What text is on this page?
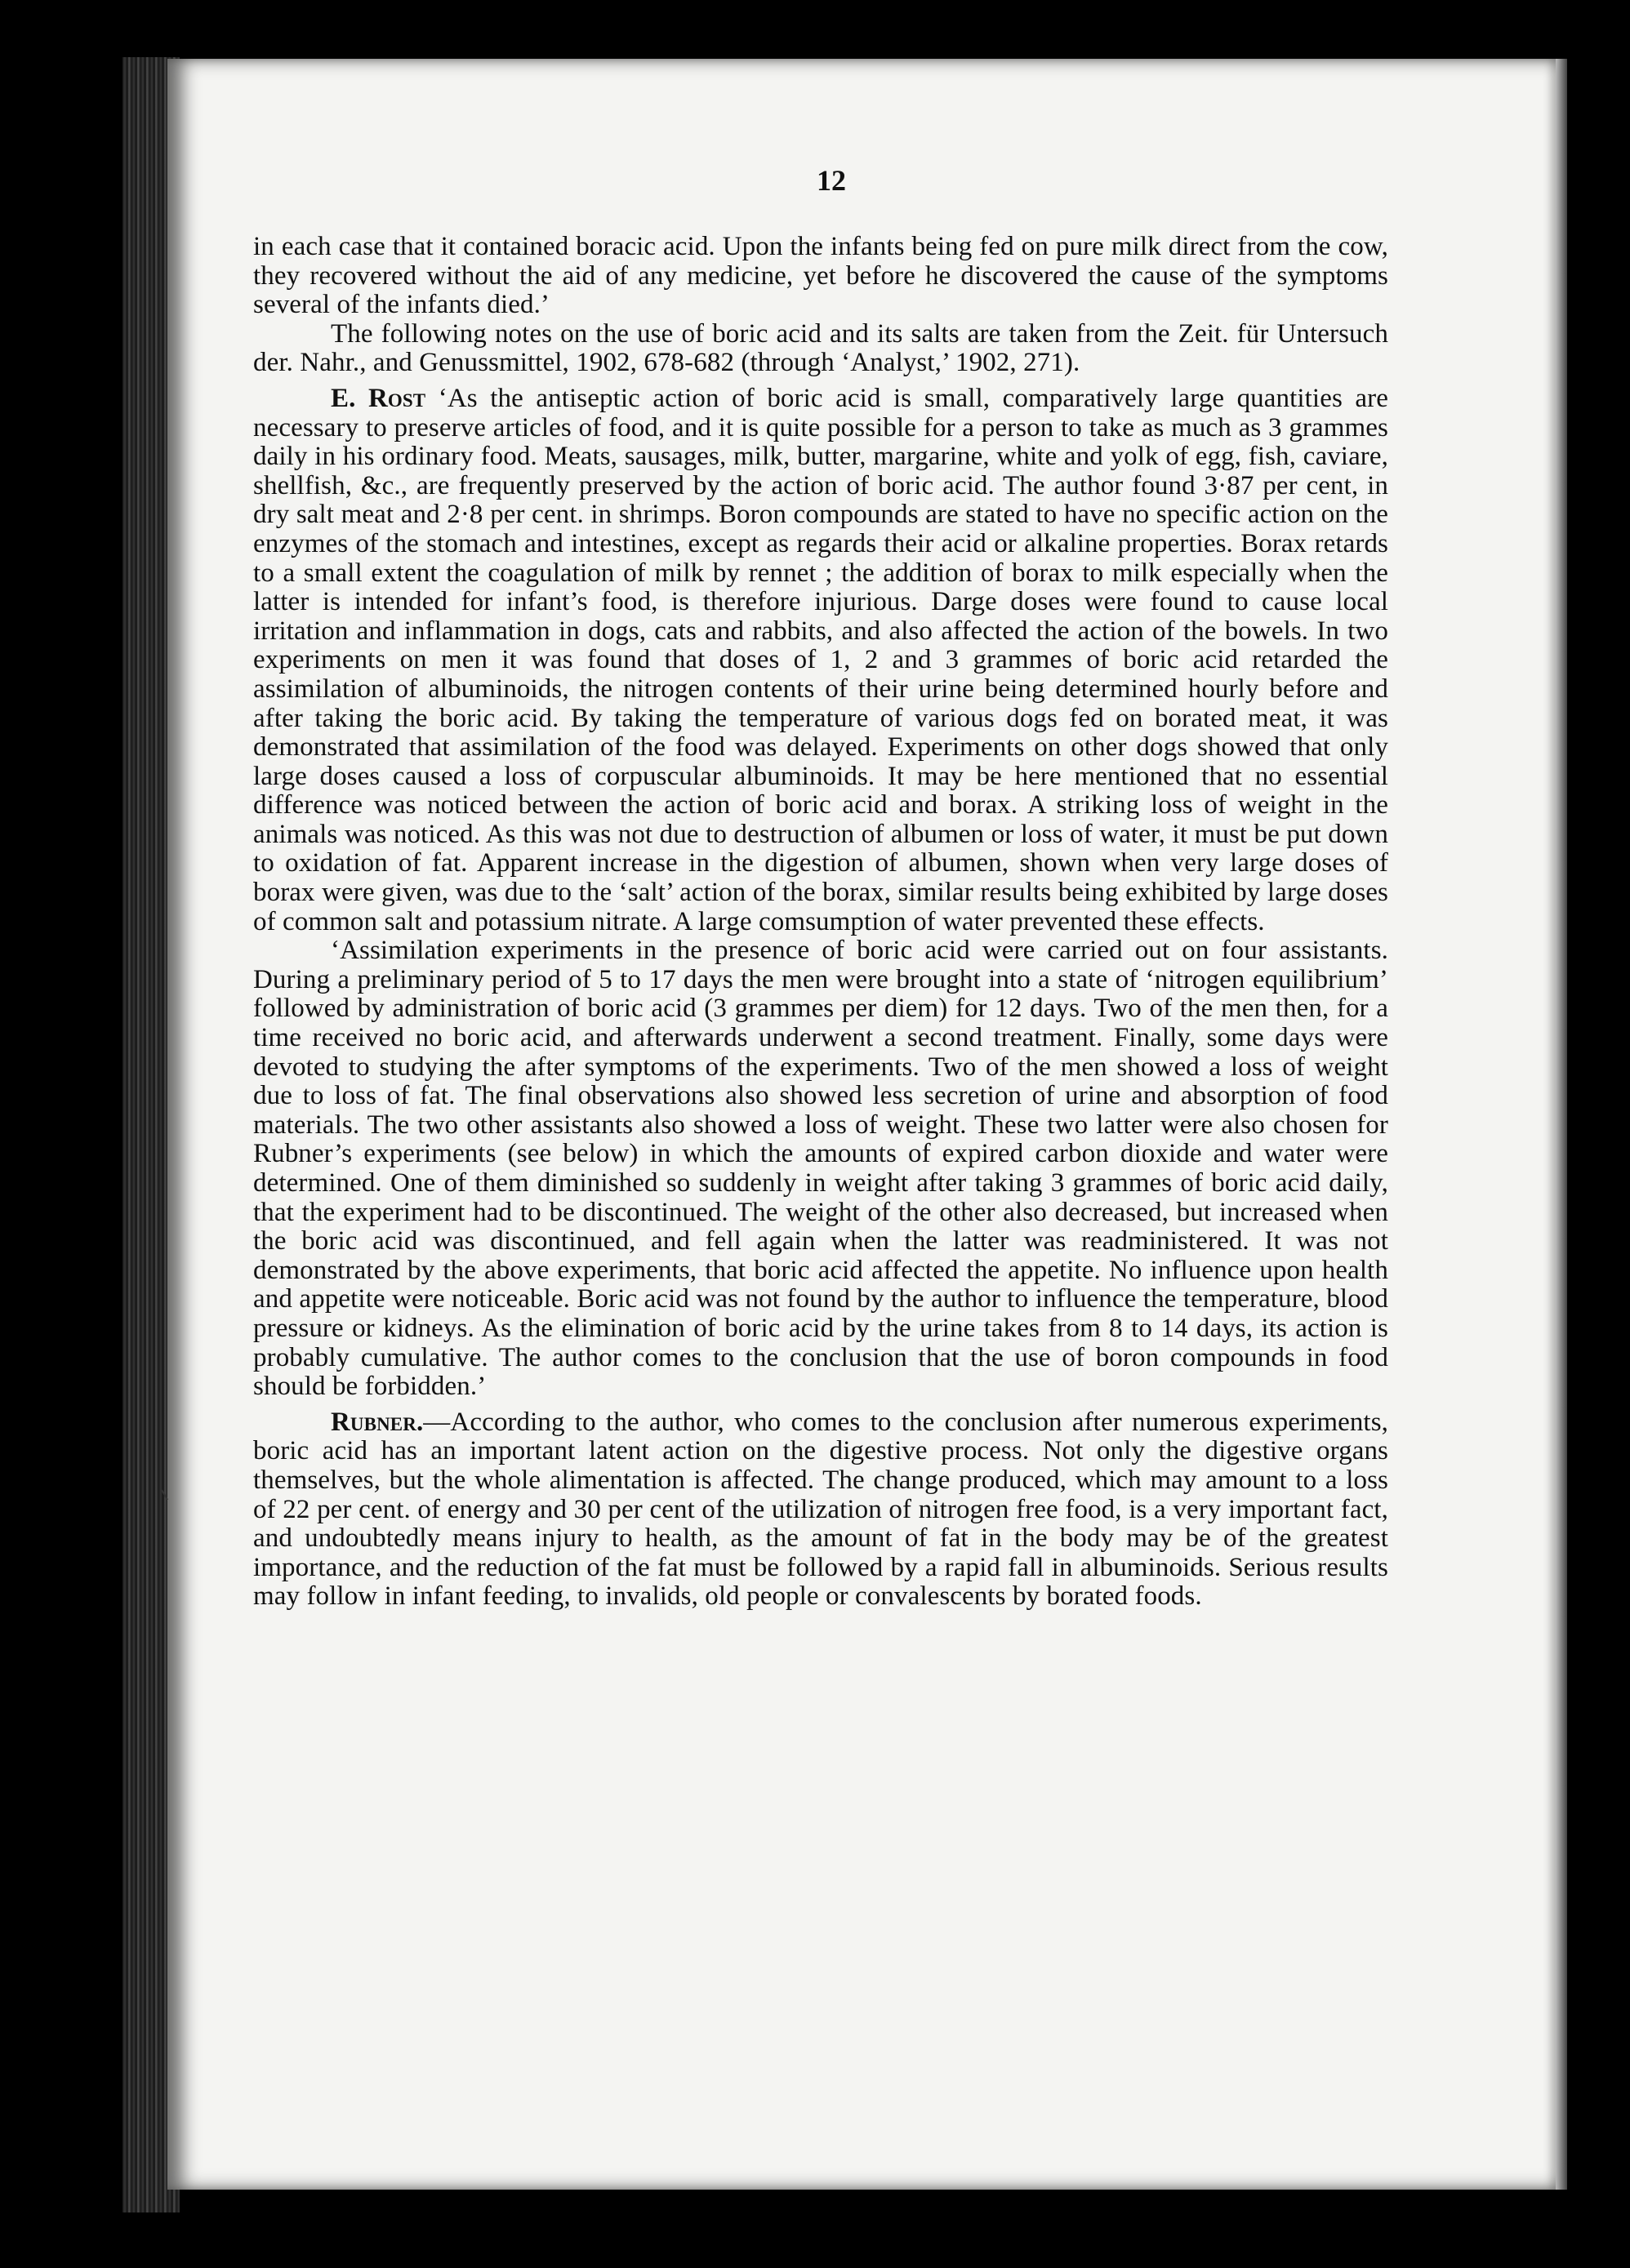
12

in each case that it contained boracic acid. Upon the infants being fed on pure milk direct from the cow, they recovered without the aid of any medicine, yet before he discovered the cause of the symptoms several of the infants died.’

The following notes on the use of boric acid and its salts are taken from the Zeit. für Untersuch der. Nahr., and Genussmittel, 1902, 678-682 (through ‘Analyst,’ 1902, 271).

E. Rost ‘As the antiseptic action of boric acid is small, comparatively large quantities are necessary to preserve articles of food, and it is quite possible for a person to take as much as 3 grammes daily in his ordinary food. Meats, sausages, milk, butter, margarine, white and yolk of egg, fish, caviare, shellfish, &c., are frequently preserved by the action of boric acid. The author found 3·87 per cent, in dry salt meat and 2·8 per cent. in shrimps. Boron compounds are stated to have no specific action on the enzymes of the stomach and intestines, except as regards their acid or alkaline properties. Borax retards to a small extent the coagulation of milk by rennet ; the addition of borax to milk especially when the latter is intended for infant’s food, is therefore injurious. Darge doses were found to cause local irritation and inflammation in dogs, cats and rabbits, and also affected the action of the bowels. In two experiments on men it was found that doses of 1, 2 and 3 grammes of boric acid retarded the assimilation of albuminoids, the nitrogen contents of their urine being determined hourly before and after taking the boric acid. By taking the temperature of various dogs fed on borated meat, it was demonstrated that assimilation of the food was delayed. Experiments on other dogs showed that only large doses caused a loss of corpuscular albuminoids. It may be here mentioned that no essential difference was noticed between the action of boric acid and borax. A striking loss of weight in the animals was noticed. As this was not due to destruction of albumen or loss of water, it must be put down to oxidation of fat. Apparent increase in the digestion of albumen, shown when very large doses of borax were given, was due to the ‘salt’ action of the borax, similar results being exhibited by large doses of common salt and potassium nitrate. A large comsumption of water prevented these effects.

‘Assimilation experiments in the presence of boric acid were carried out on four assistants. During a preliminary period of 5 to 17 days the men were brought into a state of ‘nitrogen equilibrium’ followed by administration of boric acid (3 grammes per diem) for 12 days. Two of the men then, for a time received no boric acid, and afterwards underwent a second treatment. Finally, some days were devoted to studying the after symptoms of the experiments. Two of the men showed a loss of weight due to loss of fat. The final observations also showed less secretion of urine and absorption of food materials. The two other assistants also showed a loss of weight. These two latter were also chosen for Rubner’s experiments (see below) in which the amounts of expired carbon dioxide and water were determined. One of them diminished so suddenly in weight after taking 3 grammes of boric acid daily, that the experiment had to be discontinued. The weight of the other also decreased, but increased when the boric acid was discontinued, and fell again when the latter was readministered. It was not demonstrated by the above experiments, that boric acid affected the appetite. No influence upon health and appetite were noticeable. Boric acid was not found by the author to influence the temperature, blood pressure or kidneys. As the elimination of boric acid by the urine takes from 8 to 14 days, its action is probably cumulative. The author comes to the conclusion that the use of boron compounds in food should be forbidden.’

Rubner.—According to the author, who comes to the conclusion after numerous experiments, boric acid has an important latent action on the digestive process. Not only the digestive organs themselves, but the whole alimentation is affected. The change produced, which may amount to a loss of 22 per cent. of energy and 30 per cent of the utilization of nitrogen free food, is a very important fact, and undoubtedly means injury to health, as the amount of fat in the body may be of the greatest importance, and the reduction of the fat must be followed by a rapid fall in albuminoids. Serious results may follow in infant feeding, to invalids, old people or convalescents by borated foods.
